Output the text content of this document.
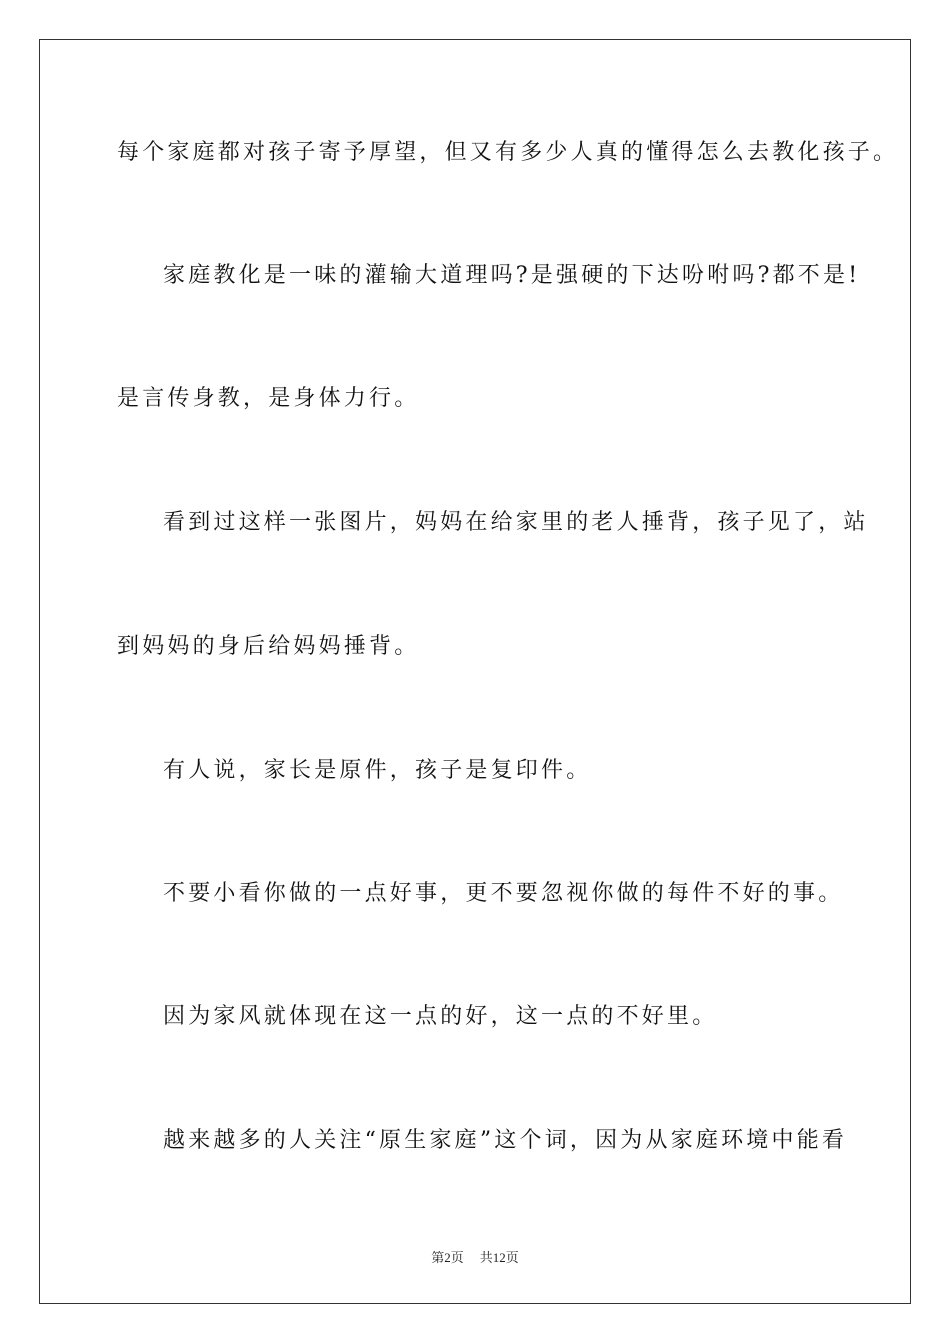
每个家庭都对孩子寄予厚望，但又有多少人真的懂得怎么去教化孩子。
家庭教化是一味的灌输大道理吗?是强硬的下达吩咐吗?都不是!
是言传身教，是身体力行。
看到过这样一张图片，妈妈在给家里的老人捶背，孩子见了，站
到妈妈的身后给妈妈捶背。
有人说，家长是原件，孩子是复印件。
不要小看你做的一点好事，更不要忽视你做的每件不好的事。
因为家风就体现在这一点的好，这一点的不好里。
越来越多的人关注“原生家庭”这个词，因为从家庭环境中能看
第2页 共12页
